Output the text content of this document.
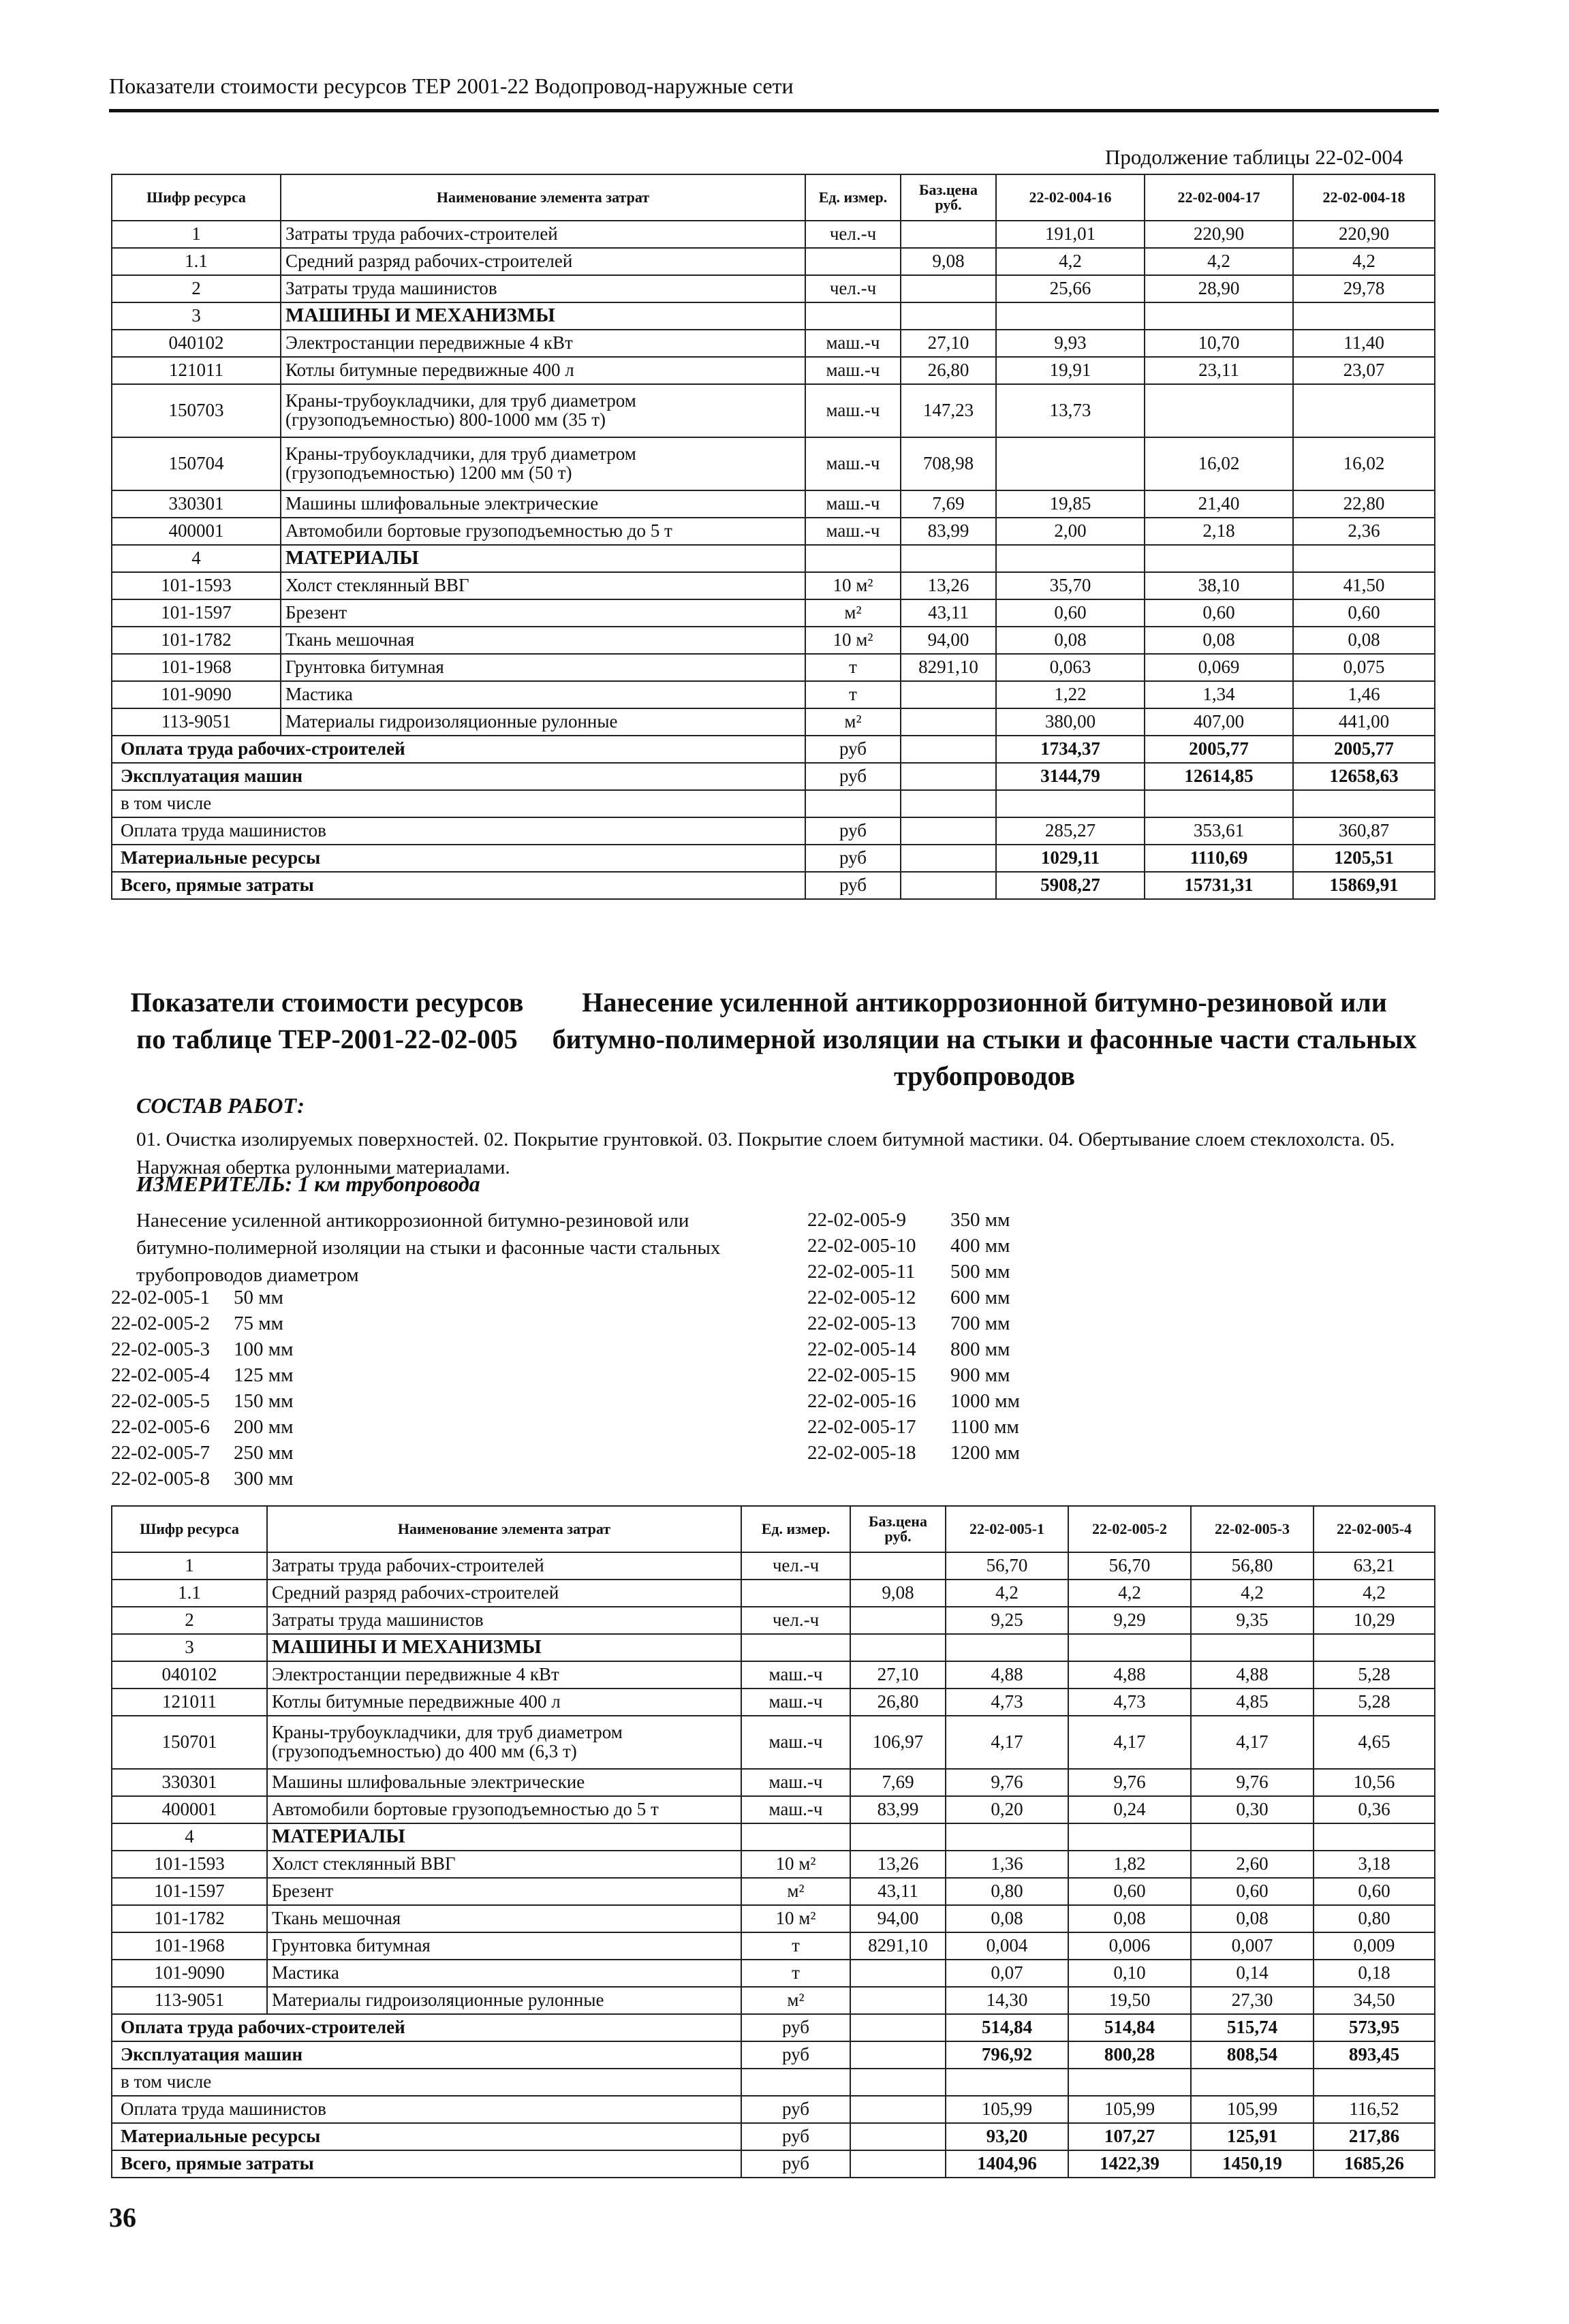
Показатели стоимости ресурсов ТЕР 2001-22 Водопровод-наружные сети
Продолжение таблицы 22-02-004
Шифр ресурса	Наименование элемента затрат	Ед. измер.	Баз.цена руб.	22-02-004-16	22-02-004-17	22-02-004-18
1	Затраты труда рабочих-строителей	чел.-ч		191,01	220,90	220,90
1.1	Средний разряд рабочих-строителей		9,08	4,2	4,2	4,2
2	Затраты труда машинистов	чел.-ч		25,66	28,90	29,78
3	МАШИНЫ И МЕХАНИЗМЫ					
040102	Электростанции передвижные 4 кВт	маш.-ч	27,10	9,93	10,70	11,40
121011	Котлы битумные передвижные 400 л	маш.-ч	26,80	19,91	23,11	23,07
150703	Краны-трубоукладчики, для труб диаметром (грузоподъемностью) 800-1000 мм (35 т)	маш.-ч	147,23	13,73		
150704	Краны-трубоукладчики, для труб диаметром (грузоподъемностью) 1200 мм (50 т)	маш.-ч	708,98		16,02	16,02
330301	Машины шлифовальные электрические	маш.-ч	7,69	19,85	21,40	22,80
400001	Автомобили бортовые грузоподъемностью до 5 т	маш.-ч	83,99	2,00	2,18	2,36
4	МАТЕРИАЛЫ					
101-1593	Холст стеклянный ВВГ	10 м²	13,26	35,70	38,10	41,50
101-1597	Брезент	м²	43,11	0,60	0,60	0,60
101-1782	Ткань мешочная	10 м²	94,00	0,08	0,08	0,08
101-1968	Грунтовка битумная	т	8291,10	0,063	0,069	0,075
101-9090	Мастика	т		1,22	1,34	1,46
113-9051	Материалы гидроизоляционные рулонные	м²		380,00	407,00	441,00
Оплата труда рабочих-строителей		руб		1734,37	2005,77	2005,77
Эксплуатация машин		руб		3144,79	12614,85	12658,63
в том числе						
Оплата труда машинистов		руб		285,27	353,61	360,87
Материальные ресурсы		руб		1029,11	1110,69	1205,51
Всего, прямые затраты		руб		5908,27	15731,31	15869,91
Показатели стоимости ресурсов по таблице ТЕР-2001-22-02-005
Нанесение усиленной антикоррозионной битумно-резиновой или битумно-полимерной изоляции на стыки и фасонные части стальных трубопроводов
СОСТАВ РАБОТ:
01. Очистка изолируемых поверхностей. 02. Покрытие грунтовкой. 03. Покрытие слоем битумной мастики. 04. Обертывание слоем стеклохолста. 05. Наружная обертка рулонными материалами.
ИЗМЕРИТЕЛЬ: 1 км трубопровода
Нанесение усиленной антикоррозионной битумно-резиновой или битумно-полимерной изоляции на стыки и фасонные части стальных трубопроводов диаметром
22-02-005-1 50 мм
22-02-005-2 75 мм
22-02-005-3 100 мм
22-02-005-4 125 мм
22-02-005-5 150 мм
22-02-005-6 200 мм
22-02-005-7 250 мм
22-02-005-8 300 мм
22-02-005-9 350 мм
22-02-005-10 400 мм
22-02-005-11 500 мм
22-02-005-12 600 мм
22-02-005-13 700 мм
22-02-005-14 800 мм
22-02-005-15 900 мм
22-02-005-16 1000 мм
22-02-005-17 1100 мм
22-02-005-18 1200 мм
Шифр ресурса	Наименование элемента затрат	Ед. измер.	Баз.цена руб.	22-02-005-1	22-02-005-2	22-02-005-3	22-02-005-4
1	Затраты труда рабочих-строителей	чел.-ч		56,70	56,70	56,80	63,21
1.1	Средний разряд рабочих-строителей		9,08	4,2	4,2	4,2	4,2
2	Затраты труда машинистов	чел.-ч		9,25	9,29	9,35	10,29
3	МАШИНЫ И МЕХАНИЗМЫ						
040102	Электростанции передвижные 4 кВт	маш.-ч	27,10	4,88	4,88	4,88	5,28
121011	Котлы битумные передвижные 400 л	маш.-ч	26,80	4,73	4,73	4,85	5,28
150701	Краны-трубоукладчики, для труб диаметром (грузоподъемностью) до 400 мм (6,3 т)	маш.-ч	106,97	4,17	4,17	4,17	4,65
330301	Машины шлифовальные электрические	маш.-ч	7,69	9,76	9,76	9,76	10,56
400001	Автомобили бортовые грузоподъемностью до 5 т	маш.-ч	83,99	0,20	0,24	0,30	0,36
4	МАТЕРИАЛЫ						
101-1593	Холст стеклянный ВВГ	10 м²	13,26	1,36	1,82	2,60	3,18
101-1597	Брезент	м²	43,11	0,80	0,60	0,60	0,60
101-1782	Ткань мешочная	10 м²	94,00	0,08	0,08	0,08	0,80
101-1968	Грунтовка битумная	т	8291,10	0,004	0,006	0,007	0,009
101-9090	Мастика	т		0,07	0,10	0,14	0,18
113-9051	Материалы гидроизоляционные рулонные	м²		14,30	19,50	27,30	34,50
Оплата труда рабочих-строителей		руб		514,84	514,84	515,74	573,95
Эксплуатация машин		руб		796,92	800,28	808,54	893,45
в том числе							
Оплата труда машинистов		руб		105,99	105,99	105,99	116,52
Материальные ресурсы		руб		93,20	107,27	125,91	217,86
Всего, прямые затраты		руб		1404,96	1422,39	1450,19	1685,26
36
